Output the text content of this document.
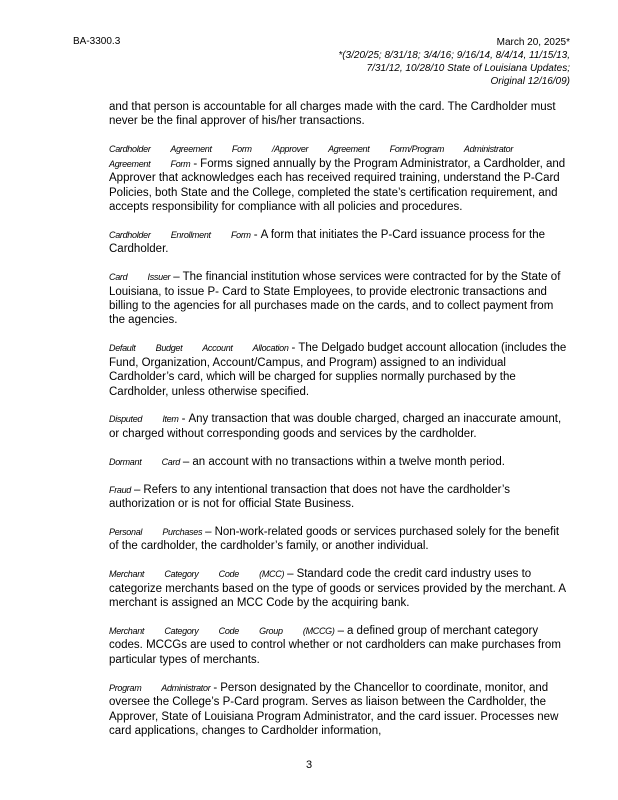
BA-3300.3	March 20, 2025*
*(3/20/25; 8/31/18; 3/4/16; 9/16/14, 8/4/14, 11/15/13,
7/31/12, 10/28/10 State of Louisiana Updates;
Original 12/16/09)

and that person is accountable for all charges made with the card. The Cardholder must never be the final approver of his/her transactions.

Cardholder Agreement Form /Approver Agreement Form/Program Administrator Agreement Form - Forms signed annually by the Program Administrator, a Cardholder, and Approver that acknowledges each has received required training, understand the P-Card Policies, both State and the College, completed the state’s certification requirement, and accepts responsibility for compliance with all policies and procedures.

Cardholder Enrollment Form - A form that initiates the P-Card issuance process for the Cardholder.

Card Issuer – The financial institution whose services were contracted for by the State of Louisiana, to issue P- Card to State Employees, to provide electronic transactions and billing to the agencies for all purchases made on the cards, and to collect payment from the agencies.

Default Budget Account Allocation - The Delgado budget account allocation (includes the Fund, Organization, Account/Campus, and Program) assigned to an individual Cardholder’s card, which will be charged for supplies normally purchased by the Cardholder, unless otherwise specified.

Disputed Item - Any transaction that was double charged, charged an inaccurate amount, or charged without corresponding goods and services by the cardholder.

Dormant Card – an account with no transactions within a twelve month period.

Fraud – Refers to any intentional transaction that does not have the cardholder’s authorization or is not for official State Business.

Personal Purchases – Non-work-related goods or services purchased solely for the benefit of the cardholder, the cardholder’s family, or another individual.

Merchant Category Code (MCC) – Standard code the credit card industry uses to categorize merchants based on the type of goods or services provided by the merchant. A merchant is assigned an MCC Code by the acquiring bank.

Merchant Category Code Group (MCCG) – a defined group of merchant category codes. MCCGs are used to control whether or not cardholders can make purchases from particular types of merchants.

Program Administrator - Person designated by the Chancellor to coordinate, monitor, and oversee the College’s P-Card program. Serves as liaison between the Cardholder, the Approver, State of Louisiana Program Administrator, and the card issuer. Processes new card applications, changes to Cardholder information,

3
